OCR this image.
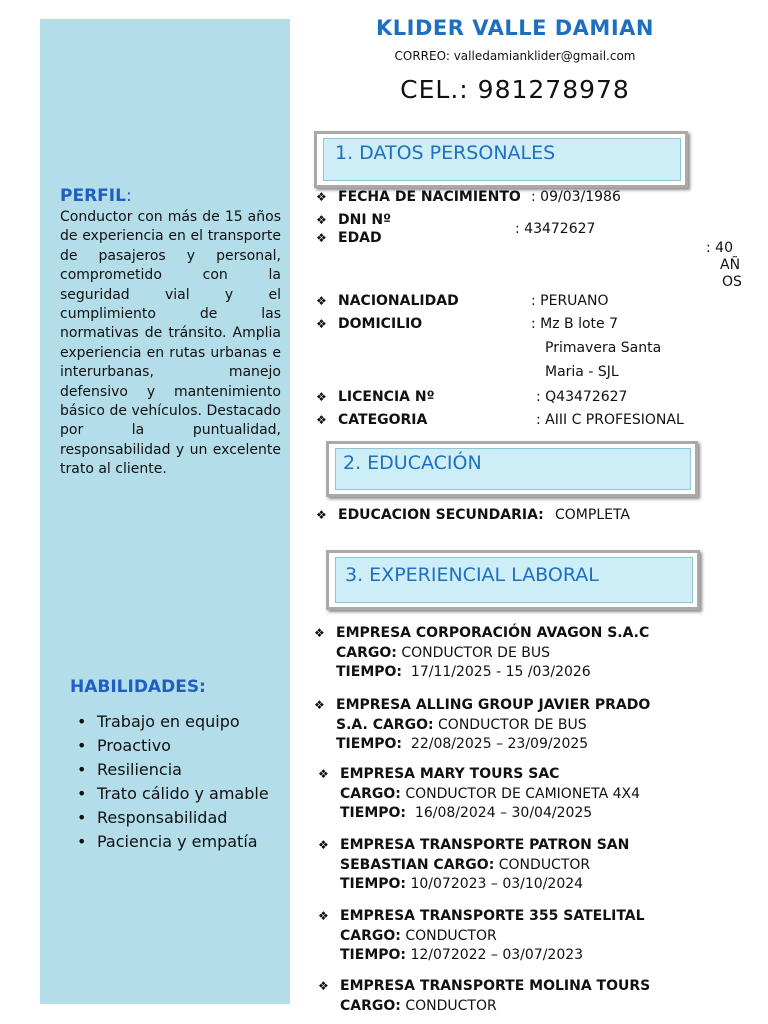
PERFIL:

Conductor con más de 15 años de experiencia en el transporte de pasajeros y personal, comprometido con la seguridad vial y el cumplimiento de las normativas de tránsito. Amplia experiencia en rutas urbanas e interurbanas, manejo defensivo y mantenimiento básico de vehículos. Destacado por la puntualidad, responsabilidad y un excelente trato al cliente.

HABILIDADES:
• Trabajo en equipo
• Proactivo
• Resiliencia
• Trato cálido y amable
• Responsabilidad
• Paciencia y empatía
KLIDER VALLE DAMIAN

CORREO: valledamianklider@gmail.com

CEL.: 981278978

1. DATOS PERSONALES
❖ FECHA DE NACIMIENTO : 09/03/1986
❖ DNI Nº
: 43472627
❖ EDAD
: 40
AÑ
OS
❖ NACIONALIDAD	: PERUANO
❖ DOMICILIO	: Mz B lote 7
Primavera Santa
Maria - SJL
❖ LICENCIA Nº	: Q43472627
❖ CATEGORIA	: AIII C PROFESIONAL
2. EDUCACIÓN
❖ EDUCACION SECUNDARIA: COMPLETA
3. EXPERIENCIAL LABORAL
❖ EMPRESA CORPORACIÓN AVAGON S.A.C
CARGO: CONDUCTOR DE BUS
TIEMPO: 17/11/2025 - 15 /03/2026
❖ EMPRESA ALLING GROUP JAVIER PRADO
S.A. CARGO: CONDUCTOR DE BUS
TIEMPO: 22/08/2025 – 23/09/2025
❖ EMPRESA MARY TOURS SAC
CARGO: CONDUCTOR DE CAMIONETA 4X4
TIEMPO: 16/08/2024 – 30/04/2025
❖ EMPRESA TRANSPORTE PATRON SAN
SEBASTIAN CARGO: CONDUCTOR
TIEMPO: 10/072023 – 03/10/2024
❖ EMPRESA TRANSPORTE 355 SATELITAL
CARGO: CONDUCTOR
TIEMPO: 12/072022 – 03/07/2023
❖ EMPRESA TRANSPORTE MOLINA TOURS
CARGO: CONDUCTOR
